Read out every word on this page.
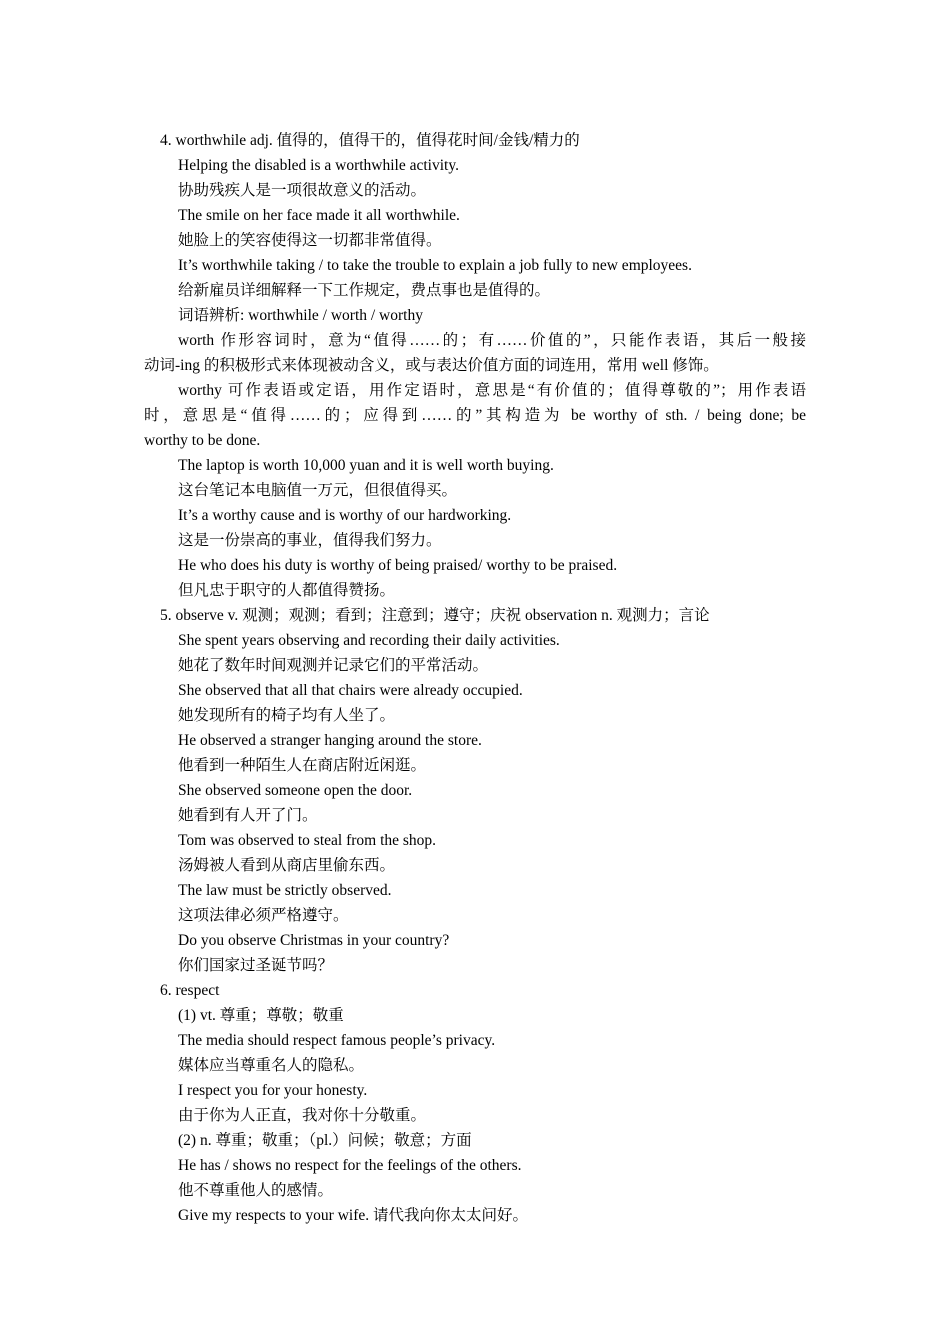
4. worthwhile adj. 值得的，值得干的，值得花时间/金钱/精力的
Helping the disabled is a worthwhile activity.
协助残疾人是一项很故意义的活动。
The smile on her face made it all worthwhile.
她脸上的笑容使得这一切都非常值得。
It’s worthwhile taking / to take the trouble to explain a job fully to new employees.
给新雇员详细解释一下工作规定，费点事也是值得的。
词语辨析: worthwhile / worth / worthy
worth 作形容词时，意为“值得……的；有……价值的”，只能作表语，其后一般接
动词-ing 的积极形式来体现被动含义，或与表达价值方面的词连用，常用 well 修饰。
worthy 可作表语或定语，用作定语时，意思是“有价值的；值得尊敬的”；用作表语
时，意思是“值得……的；应得到……的”其构造为 be worthy of sth. / being done; be
worthy to be done.
The laptop is worth 10,000 yuan and it is well worth buying.
这台笔记本电脑值一万元，但很值得买。
It’s a worthy cause and is worthy of our hardworking.
这是一份崇高的事业，值得我们努力。
He who does his duty is worthy of being praised/ worthy to be praised.
但凡忠于职守的人都值得赞扬。
5. observe v. 观测；观测；看到；注意到；遵守；庆祝 observation n. 观测力；言论
She spent years observing and recording their daily activities.
她花了数年时间观测并记录它们的平常活动。
She observed that all that chairs were already occupied.
她发现所有的椅子均有人坐了。
He observed a stranger hanging around the store.
他看到一种陌生人在商店附近闲逛。
She observed someone open the door.
她看到有人开了门。
Tom was observed to steal from the shop.
汤姆被人看到从商店里偷东西。
The law must be strictly observed.
这项法律必须严格遵守。
Do you observe Christmas in your country?
你们国家过圣诞节吗？
6. respect
(1) vt. 尊重；尊敬；敬重
The media should respect famous people’s privacy.
媒体应当尊重名人的隐私。
I respect you for your honesty.
由于你为人正直，我对你十分敬重。
(2) n. 尊重；敬重；（pl.）问候；敬意；方面
He has / shows no respect for the feelings of the others.
他不尊重他人的感情。
Give my respects to your wife. 请代我向你太太问好。
